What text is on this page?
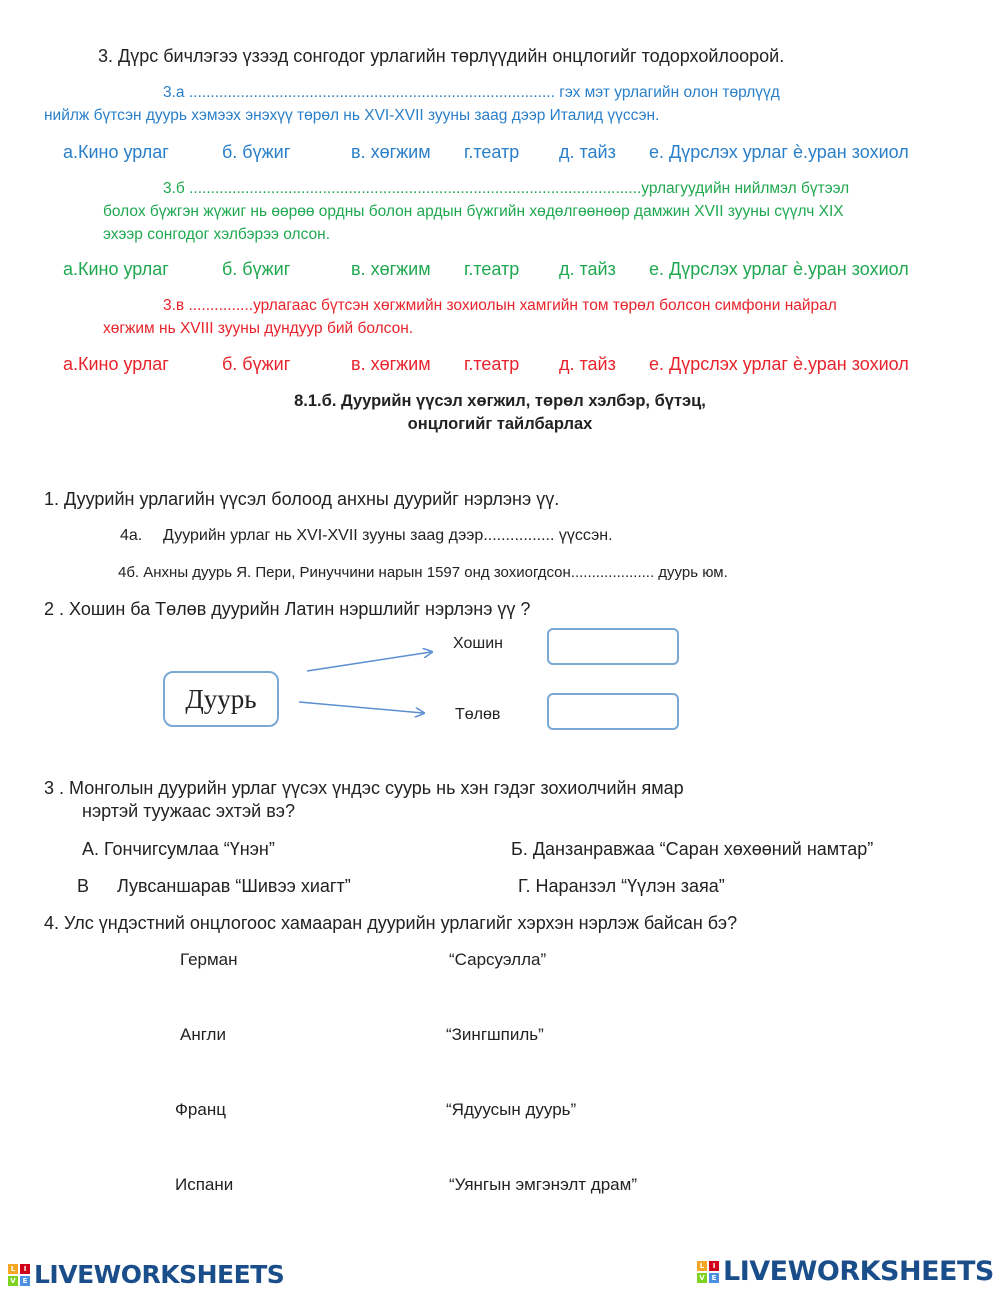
3. Дүрс бичлэгээ үзээд сонгодог урлагийн төрлүүдийн онцлогийг тодорхойлоорой.
3.а ..................................................................................... гэх мэт урлагийн олон төрлүүд
нийлж бүтсэн дуурь хэмээх энэхүү төрөл нь XVI-XVII зууны заag дээр Италид үүссэн.
а.Кино урлаг	б. бүжиг	в. хөгжим г.театр д. тайз е. Дүрслэх урлаг ѐ.уран зохиол
3.б .........................................................................................................урлагуудийн нийлмэл бүтээл
болох бүжгэн жүжиг нь өөрөө ордны болон ардын бүжгийн хөдөлгөөнөөр дамжин XVII зууны сүүлч XIX
эхээр сонгодог хэлбэрээ олсон.
а.Кино урлаг	б. бүжиг	в. хөгжим г.театр д. тайз е. Дүрслэх урлаг ѐ.уран зохиол
3.в ...............урлагаас бүтсэн хөгжмийн зохиолын хамгийн том төрөл болсон симфони найрал
хөгжим нь XVIII зууны дундуур бий болсон.
а.Кино урлаг	б. бүжиг	в. хөгжим г.театр д. тайз е. Дүрслэх урлаг ѐ.уран зохиол
8.1.б. Дуурийн үүсэл хөгжил, төрөл хэлбэр, бүтэц,
онцлогийг тайлбарлах
1. Дуурийн урлагийн үүсэл болоод анхны дуурийг нэрлэнэ үү.
4а. Дуурийн урлаг нь XVI-XVII зууны заag дээр................ үүссэн.
4б. Анхны дуурь Я. Пери, Ринуччини нарын 1597 онд зохиогдсон.................... дуурь юм.
2 . Хошин ба Төлөв дуурийн Латин нэршлийг нэрлэнэ үү ?
Дуурь
Хошин
Төлөв
3 . Монголын дуурийн урлаг үүсэх үндэс суурь нь хэн гэдэг зохиолчийн ямар
нэртэй туужаас эхтэй вэ?
А. Гончигсумлаа “Үнэн”	Б. Данзанравжаа “Саран хөхөөний намтар”
В Лувсаншарав “Шивээ хиагт”	Г. Наранзэл “Үүлэн заяа”
4. Улс үндэстний онцлогоос хамааран дуурийн урлагийг хэрхэн нэрлэж байсан бэ?
Герман	“Сарсуэлла”
Англи	“Зингшпиль”
Франц	“Ядуусын дуурь”
Испани	“Уянгын эмгэнэлт драм”
L	I
V E LIVEWORKSHEETS	L	I
V E LIVEWORKSHEETS
